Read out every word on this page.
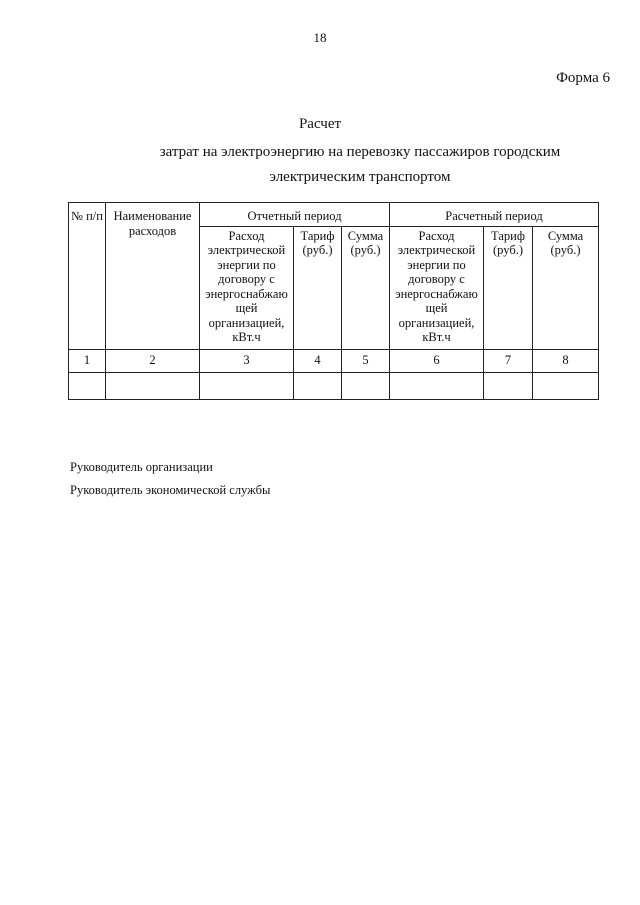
18
Форма 6
Расчет
затрат на электроэнергию на перевозку пассажиров городским электрическим транспортом
№ п/п	Наименование расходов	Отчетный период			Расчетный период		
		Расход электрической энергии по договору с энергоснабжаю щей организацией, кВт.ч	Тариф (руб.)	Сумма (руб.)	Расход электрической энергии по договору с энергоснабжаю щей организацией, кВт.ч	Тариф (руб.)	Сумма (руб.)
1	2	3	4	5	6	7	8

Руководитель организации
Руководитель экономической службы
